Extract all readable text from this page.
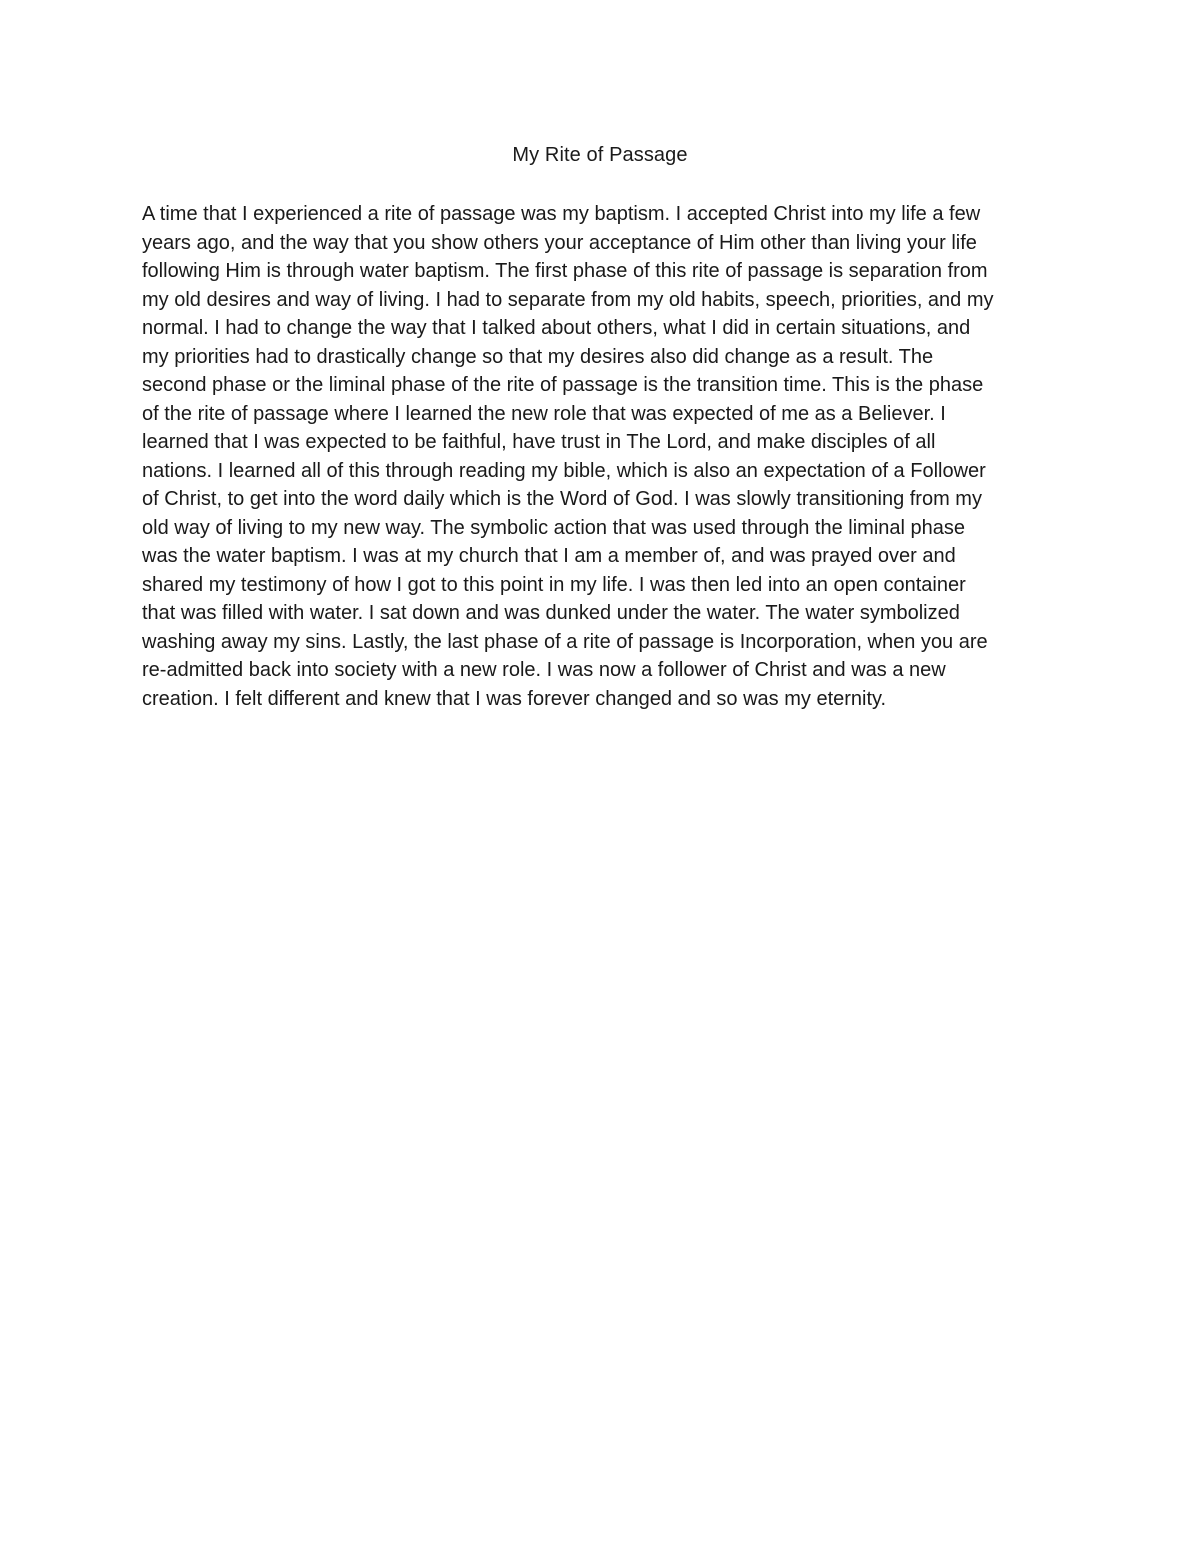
My Rite of Passage
A time that I experienced a rite of passage was my baptism. I accepted Christ into my life a few
years ago, and the way that you show others your acceptance of Him other than living your life
following Him is through water baptism. The first phase of this rite of passage is separation from
my old desires and way of living. I had to separate from my old habits, speech, priorities, and my
normal. I had to change the way that I talked about others, what I did in certain situations, and
my priorities had to drastically change so that my desires also did change as a result. The
second phase or the liminal phase of the rite of passage is the transition time. This is the phase
of the rite of passage where I learned the new role that was expected of me as a Believer. I
learned that I was expected to be faithful, have trust in The Lord, and make disciples of all
nations. I learned all of this through reading my bible, which is also an expectation of a Follower
of Christ, to get into the word daily which is the Word of God. I was slowly transitioning from my
old way of living to my new way. The symbolic action that was used through the liminal phase
was the water baptism. I was at my church that I am a member of, and was prayed over and
shared my testimony of how I got to this point in my life. I was then led into an open container
that was filled with water. I sat down and was dunked under the water. The water symbolized
washing away my sins. Lastly, the last phase of a rite of passage is Incorporation, when you are
re-admitted back into society with a new role. I was now a follower of Christ and was a new
creation. I felt different and knew that I was forever changed and so was my eternity.
